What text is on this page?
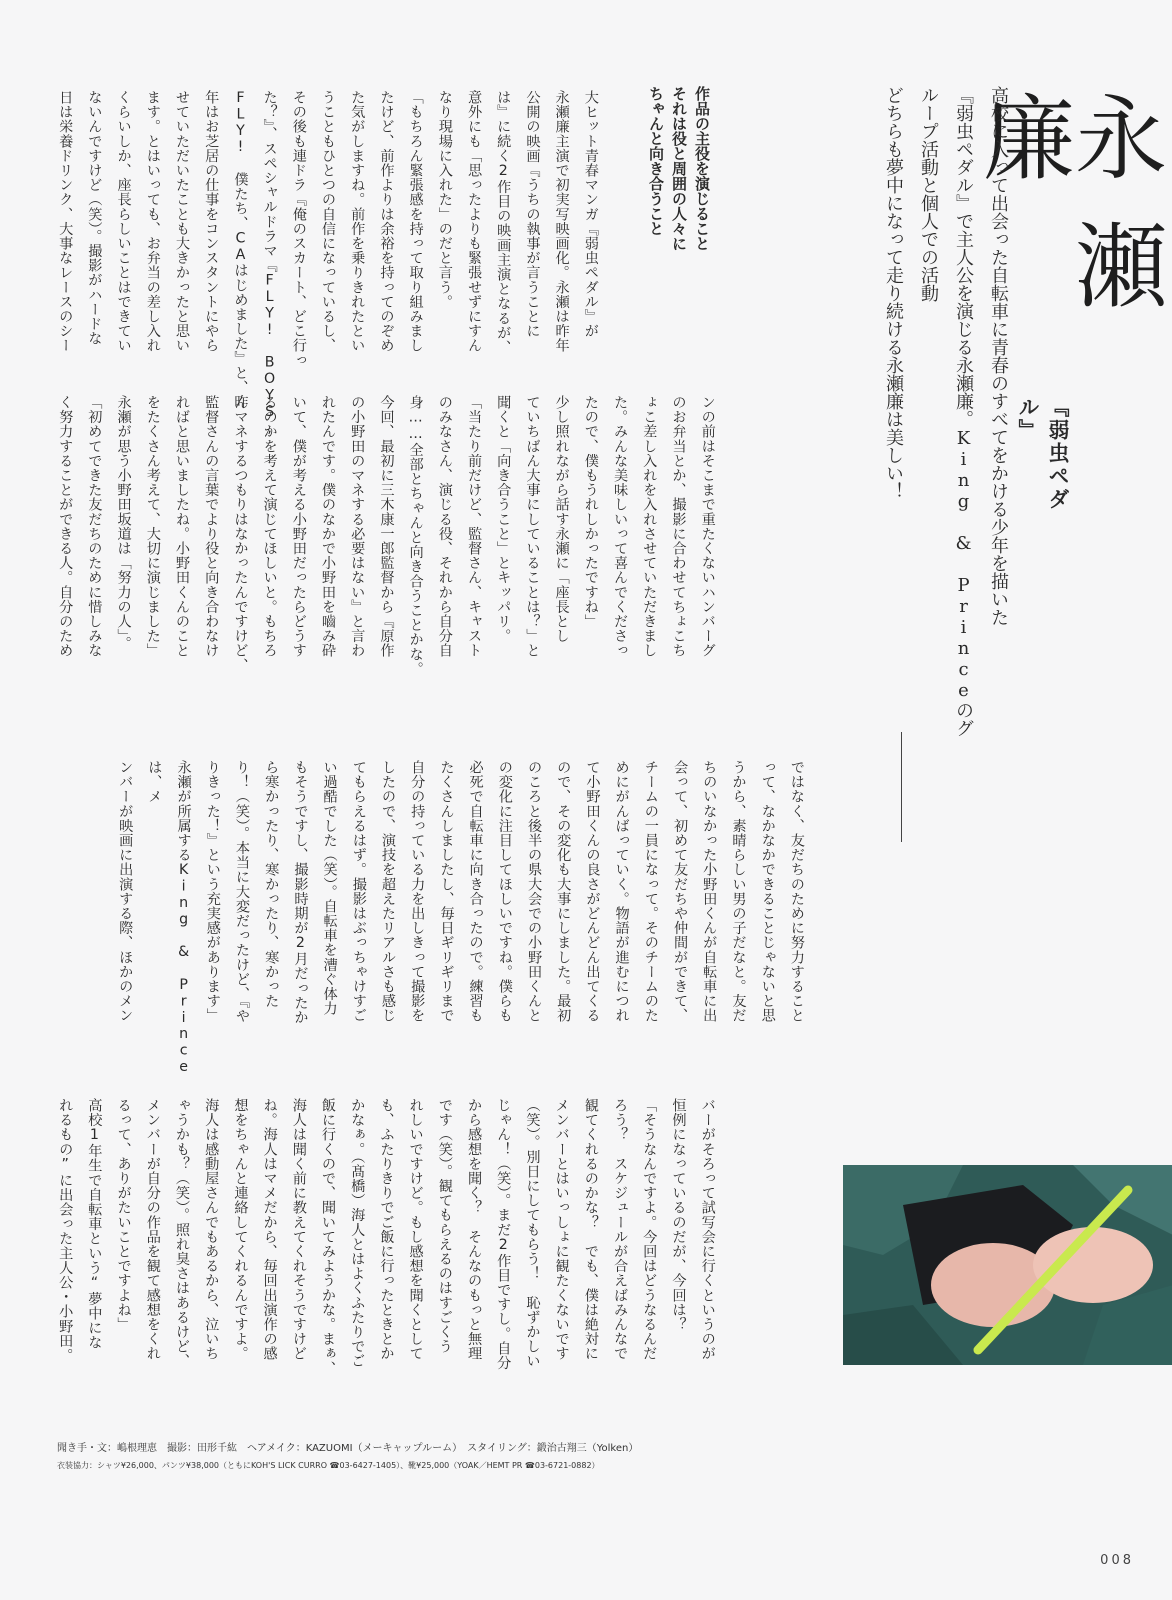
永瀬 廉
『弱虫ペダル』
高校に入って出会った自転車に青春のすべてをかける少年を描いた
『弱虫ペダル』で主人公を演じる永瀬廉。King & Princeのグループ活動と個人での活動
どちらも夢中になって走り続ける永瀬廉は美しい！
作品の主役を演じること
それは役と周囲の人々に
ちゃんと向き合うこと
大ヒット青春マンガ『弱虫ペダル』が
永瀬廉主演で初実写映画化。永瀬は昨年
公開の映画『うちの執事が言うことに
は』に続く2作目の映画主演となるが、
意外にも「思ったよりも緊張せずにすん
なり現場に入れた」のだと言う。
「もちろん緊張感を持って取り組みまし
たけど、前作よりは余裕を持ってのぞめ
た気がしますね。前作を乗りきれたとい
うこともひとつの自信になっているし、
その後も連ドラ『俺のスカート、どこ行っ
た？』、スペシャルドラマ『FLY! BOYS,
FLY! 僕たち、CAはじめました』と、昨
年はお芝居の仕事をコンスタントにやら
せていただいたことも大きかったと思い
ます。とはいっても、お弁当の差し入れ
くらいしか、座長らしいことはできてい
ないんですけど（笑）。撮影がハードな
日は栄養ドリンク、大事なレースのシー
ンの前はそこまで重たくないハンバーグ
のお弁当とか、撮影に合わせてちょこち
ょこ差し入れを入れさせていただきまし
た。みんな美味しいって喜んでくださっ
たので、僕もうれしかったですね」
少し照れながら話す永瀬に「座長とし
ていちばん大事にしていることは？」と
聞くと「向き合うこと」とキッパリ。
「当たり前だけど、監督さん、キャスト
のみなさん、演じる役、それから自分自
身……全部とちゃんと向き合うことかな。
今回、最初に三木康一郎監督から『原作
の小野田のマネする必要はない』と言わ
れたんです。僕のなかで小野田を嚙み砕
いて、僕が考える小野田だったらどうす
るのかを考えて演じてほしいと。もちろ
んマネするつもりはなかったんですけど、
監督さんの言葉でより役と向き合わなけ
ればと思いましたね。小野田くんのこと
をたくさん考えて、大切に演じました」
永瀬が思う小野田坂道は「努力の人」。
「初めてできた友だちのために惜しみな
く努力することができる人。自分のため
ではなく、友だちのために努力すること
って、なかなかできることじゃないと思
うから、素晴らしい男の子だなと。友だ
ちのいなかった小野田くんが自転車に出
会って、初めて友だちや仲間ができて、
チームの一員になって。そのチームのた
めにがんばっていく。物語が進むにつれ
て小野田くんの良さがどんどん出てくる
ので、その変化も大事にしました。最初
のころと後半の県大会での小野田くんと
の変化に注目してほしいですね。僕らも
必死で自転車に向き合ったので。練習も
たくさんしましたし、毎日ギリギリまで
自分の持っている力を出しきって撮影を
したので、演技を超えたリアルさも感じ
てもらえるはず。撮影はぶっちゃけすご
い過酷でした（笑）。自転車を漕ぐ体力
もそうですし、撮影時期が2月だったか
ら寒かったり、寒かったり、寒かった
り！（笑）。本当に大変だったけど、『や
りきった！』という充実感があります」
永瀬が所属するKing & Princeは、メ
ンバーが映画に出演する際、ほかのメン
バーがそろって試写会に行くというのが
恒例になっているのだが、今回は？
「そうなんですよ。今回はどうなるんだ
ろう？　スケジュールが合えばみんなで
観てくれるのかな？　でも、僕は絶対に
メンバーとはいっしょに観たくないです
（笑）。別日にしてもらう！　恥ずかしい
じゃん！（笑）。まだ2作目ですし。自分
から感想を聞く？　そんなのもっと無理
です（笑）。観てもらえるのはすごくう
れしいですけど。もし感想を聞くとして
も、ふたりきりでご飯に行ったときとか
かなぁ。（髙橋）海人とはよくふたりでご
飯に行くので、聞いてみようかな。まぁ、
海人は聞く前に教えてくれそうですけど
ね。海人はマメだから、毎回出演作の感
想をちゃんと連絡してくれるんですよ。
海人は感動屋さんでもあるから、泣いち
ゃうかも？（笑）。照れ臭さはあるけど、
メンバーが自分の作品を観て感想をくれ
るって、ありがたいことですよね」
高校1年生で自転車という“夢中にな
れるもの”に出会った主人公・小野田。
聞き手・文：嶋根理恵　撮影：田形千紘　ヘアメイク：KAZUOMI（メーキャップルーム）　スタイリング：鍛治古翔三（Yolken）
衣装協力：シャツ¥26,000、パンツ¥38,000（ともにKOH'S LICK CURRO ☎03-6427-1405）、靴¥25,000（YOAK／HEMT PR ☎03-6721-0882）
008
